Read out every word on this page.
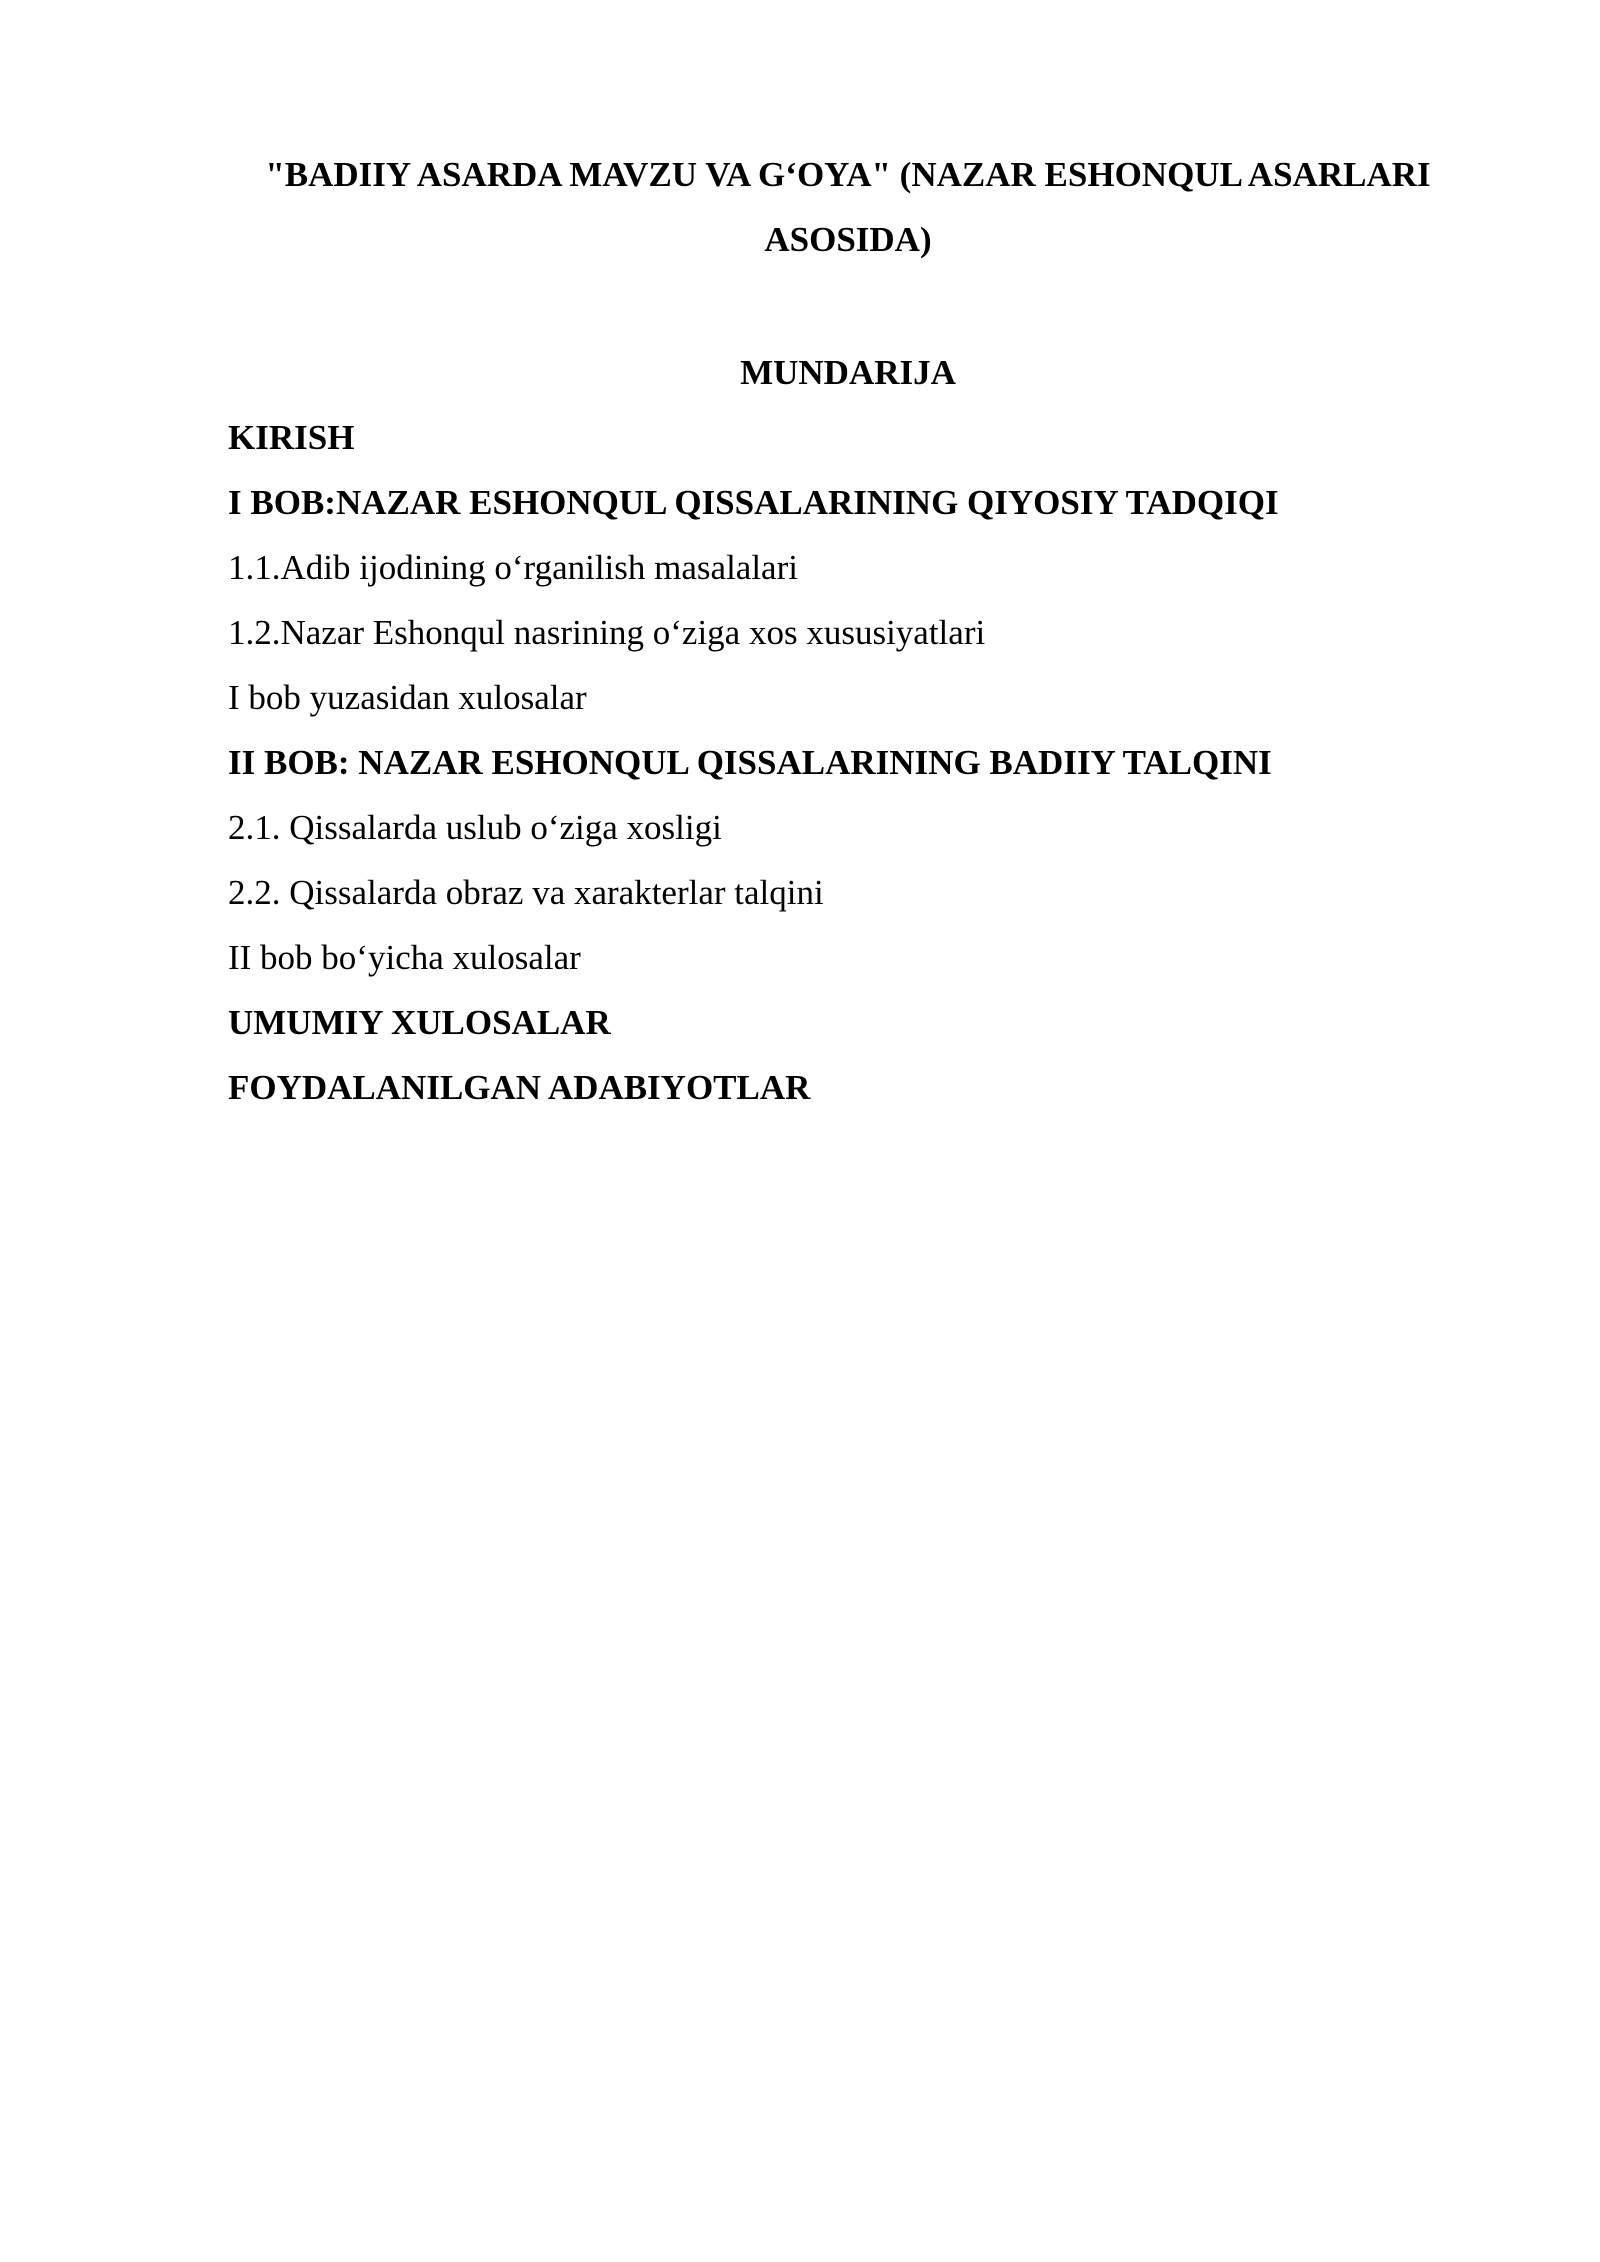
"BADIIY ASARDA MAVZU VA G‘OYA" (NAZAR ESHONQUL ASARLARI ASOSIDA)
MUNDARIJA
KIRISH
I BOB:NAZAR ESHONQUL QISSALARINING QIYOSIY TADQIQI
1.1.Adib ijodining o‘rganilish masalalari
1.2.Nazar Eshonqul nasrining o‘ziga xos xususiyatlari
I bob yuzasidan xulosalar
II BOB: NAZAR ESHONQUL QISSALARINING BADIIY TALQINI
2.1. Qissalarda uslub o‘ziga xosligi
2.2. Qissalarda obraz va xarakterlar talqini
II bob bo‘yicha xulosalar
UMUMIY XULOSALAR
FOYDALANILGAN ADABIYOTLAR
